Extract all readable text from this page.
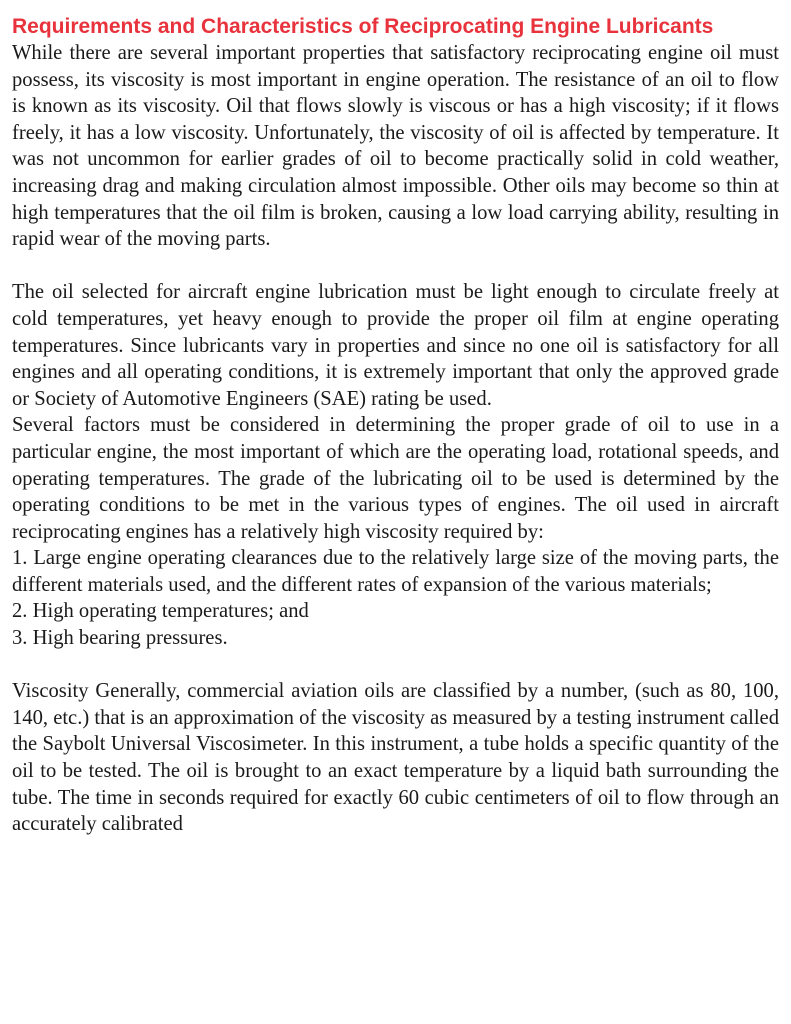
Requirements and Characteristics of Reciprocating Engine Lubricants

While there are several important properties that satisfactory reciprocating engine oil must possess, its viscosity is most important in engine operation. The resistance of an oil to flow is known as its viscosity. Oil that flows slowly is viscous or has a high viscosity; if it flows freely, it has a low viscosity. Unfortunately, the viscosity of oil is affected by temperature. It was not uncommon for earlier grades of oil to become practically solid in cold weather, increasing drag and making circulation almost impossible. Other oils may become so thin at high temperatures that the oil film is broken, causing a low load carrying ability, resulting in rapid wear of the moving parts.

The oil selected for aircraft engine lubrication must be light enough to circulate freely at cold temperatures, yet heavy enough to provide the proper oil film at engine operating temperatures. Since lubricants vary in properties and since no one oil is satisfactory for all engines and all operating conditions, it is extremely important that only the approved grade or Society of Automotive Engineers (SAE) rating be used.

Several factors must be considered in determining the proper grade of oil to use in a particular engine, the most important of which are the operating load, rotational speeds, and operating temperatures. The grade of the lubricating oil to be used is determined by the operating conditions to be met in the various types of engines. The oil used in aircraft reciprocating engines has a relatively high viscosity required by:

1. Large engine operating clearances due to the relatively large size of the moving parts, the different materials used, and the different rates of expansion of the various materials;
2. High operating temperatures; and
3. High bearing pressures.

Viscosity Generally, commercial aviation oils are classified by a number, (such as 80, 100, 140, etc.) that is an approximation of the viscosity as measured by a testing instrument called the Saybolt Universal Viscosimeter. In this instrument, a tube holds a specific quantity of the oil to be tested. The oil is brought to an exact temperature by a liquid bath surrounding the tube. The time in seconds required for exactly 60 cubic centimeters of oil to flow through an accurately calibrated
